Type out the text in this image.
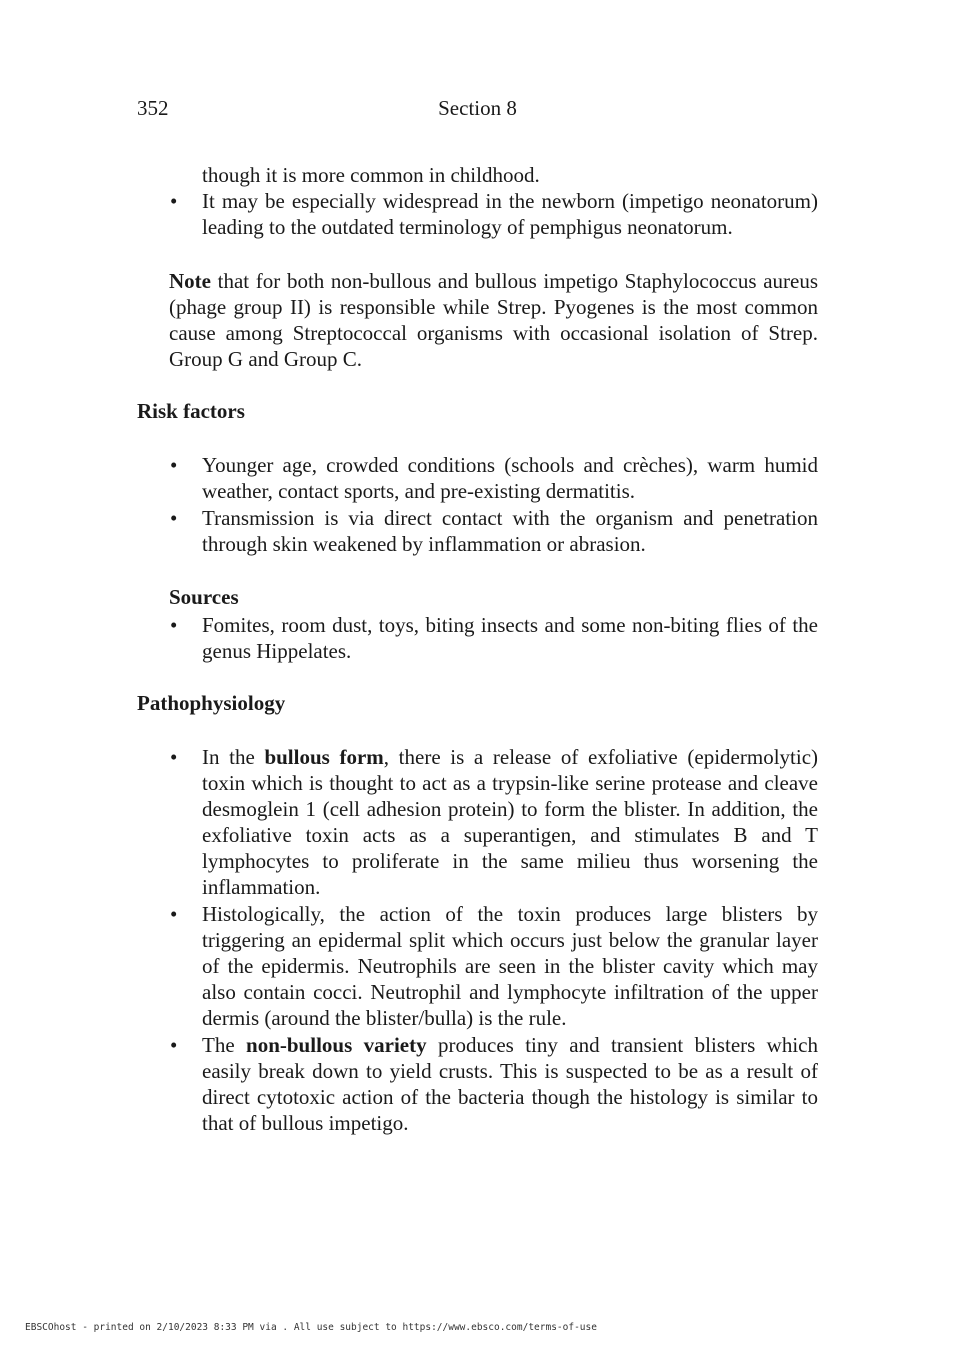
352	Section 8
though it is more common in childhood.
• It may be especially widespread in the newborn (impetigo neonatorum) leading to the outdated terminology of pemphigus neonatorum.
Note that for both non-bullous and bullous impetigo Staphylococcus aureus (phage group II) is responsible while Strep. Pyogenes is the most common cause among Streptococcal organisms with occasional isolation of Strep. Group G and Group C.
Risk factors
• Younger age, crowded conditions (schools and crèches), warm humid weather, contact sports, and pre-existing dermatitis.
• Transmission is via direct contact with the organism and penetration through skin weakened by inflammation or abrasion.
Sources
• Fomites, room dust, toys, biting insects and some non-biting flies of the genus Hippelates.
Pathophysiology
• In the bullous form, there is a release of exfoliative (epidermolytic) toxin which is thought to act as a trypsin-like serine protease and cleave desmoglein 1 (cell adhesion protein) to form the blister. In addition, the exfoliative toxin acts as a superantigen, and stimulates B and T lymphocytes to proliferate in the same milieu thus worsening the inflammation.
• Histologically, the action of the toxin produces large blisters by triggering an epidermal split which occurs just below the granular layer of the epidermis. Neutrophils are seen in the blister cavity which may also contain cocci. Neutrophil and lymphocyte infiltration of the upper dermis (around the blister/bulla) is the rule.
• The non-bullous variety produces tiny and transient blisters which easily break down to yield crusts. This is suspected to be as a result of direct cytotoxic action of the bacteria though the histology is similar to that of bullous impetigo.
EBSCOhost - printed on 2/10/2023 8:33 PM via . All use subject to https://www.ebsco.com/terms-of-use
